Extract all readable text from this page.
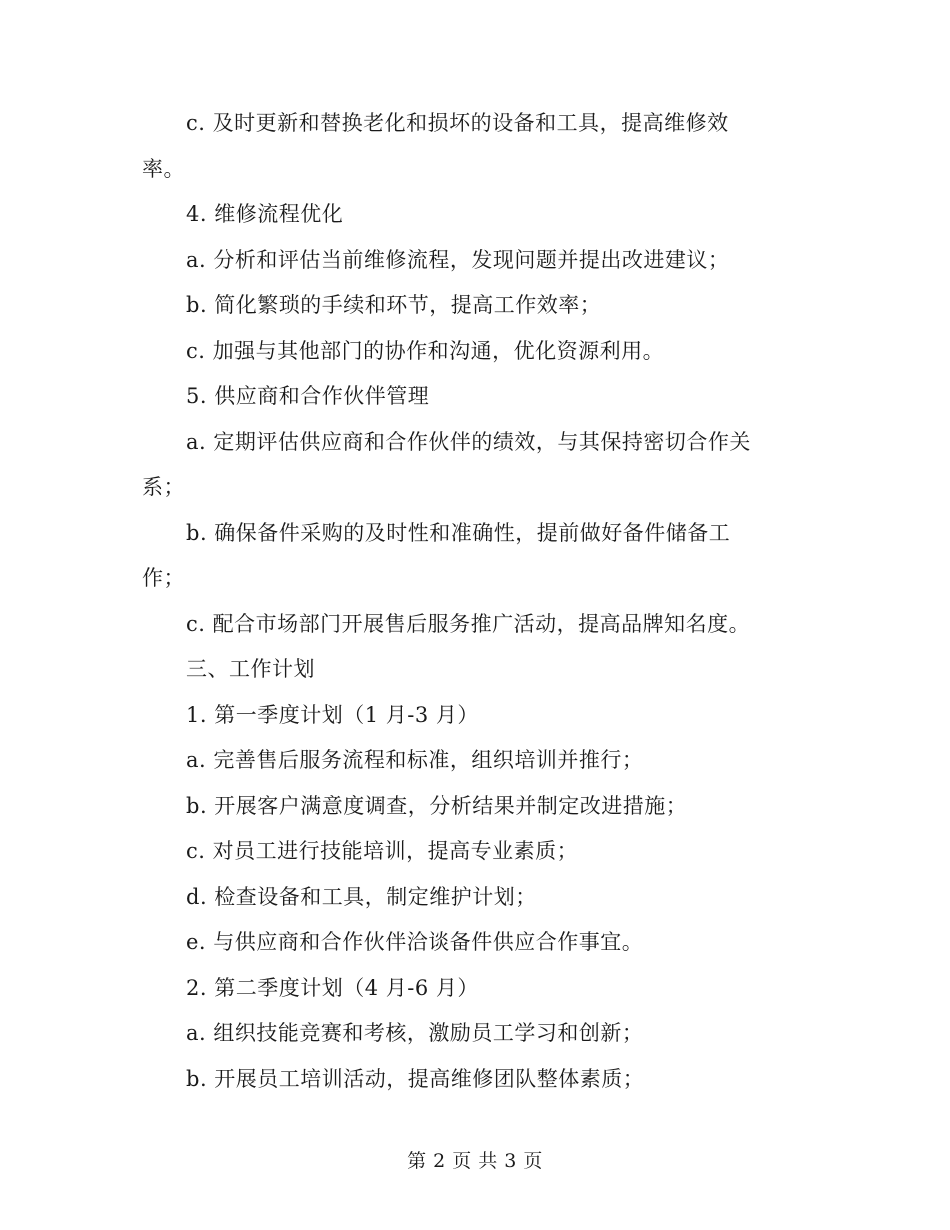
c. 及时更新和替换老化和损坏的设备和工具，提高维修效
率。
4. 维修流程优化
a. 分析和评估当前维修流程，发现问题并提出改进建议；
b. 简化繁琐的手续和环节，提高工作效率；
c. 加强与其他部门的协作和沟通，优化资源利用。
5. 供应商和合作伙伴管理
a. 定期评估供应商和合作伙伴的绩效，与其保持密切合作关
系；
b. 确保备件采购的及时性和准确性，提前做好备件储备工
作；
c. 配合市场部门开展售后服务推广活动，提高品牌知名度。
三、工作计划
1. 第一季度计划（1 月-3 月）
a. 完善售后服务流程和标准，组织培训并推行；
b. 开展客户满意度调查，分析结果并制定改进措施；
c. 对员工进行技能培训，提高专业素质；
d. 检查设备和工具，制定维护计划；
e. 与供应商和合作伙伴洽谈备件供应合作事宜。
2. 第二季度计划（4 月-6 月）
a. 组织技能竞赛和考核，激励员工学习和创新；
b. 开展员工培训活动，提高维修团队整体素质；
第 2 页 共 3 页
